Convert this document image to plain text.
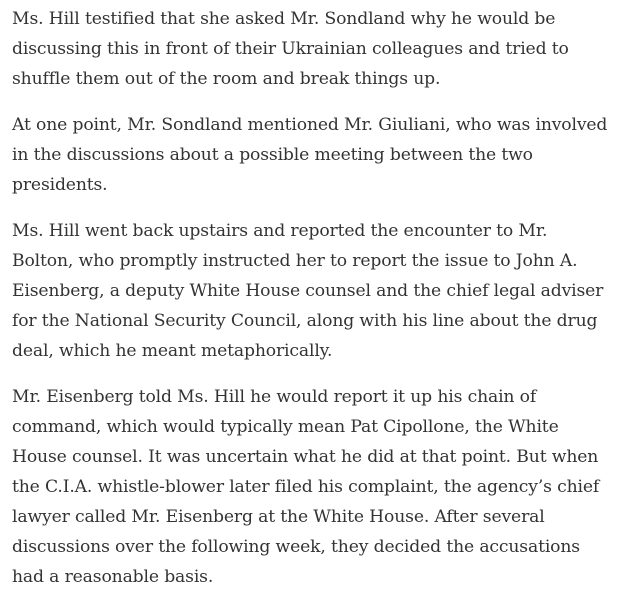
Ms. Hill testified that she asked Mr. Sondland why he would be discussing this in front of their Ukrainian colleagues and tried to shuffle them out of the room and break things up.

At one point, Mr. Sondland mentioned Mr. Giuliani, who was involved in the discussions about a possible meeting between the two presidents.

Ms. Hill went back upstairs and reported the encounter to Mr. Bolton, who promptly instructed her to report the issue to John A. Eisenberg, a deputy White House counsel and the chief legal adviser for the National Security Council, along with his line about the drug deal, which he meant metaphorically.

Mr. Eisenberg told Ms. Hill he would report it up his chain of command, which would typically mean Pat Cipollone, the White House counsel. It was uncertain what he did at that point. But when the C.I.A. whistle-blower later filed his complaint, the agency’s chief lawyer called Mr. Eisenberg at the White House. After several discussions over the following week, they decided the accusations had a reasonable basis.
